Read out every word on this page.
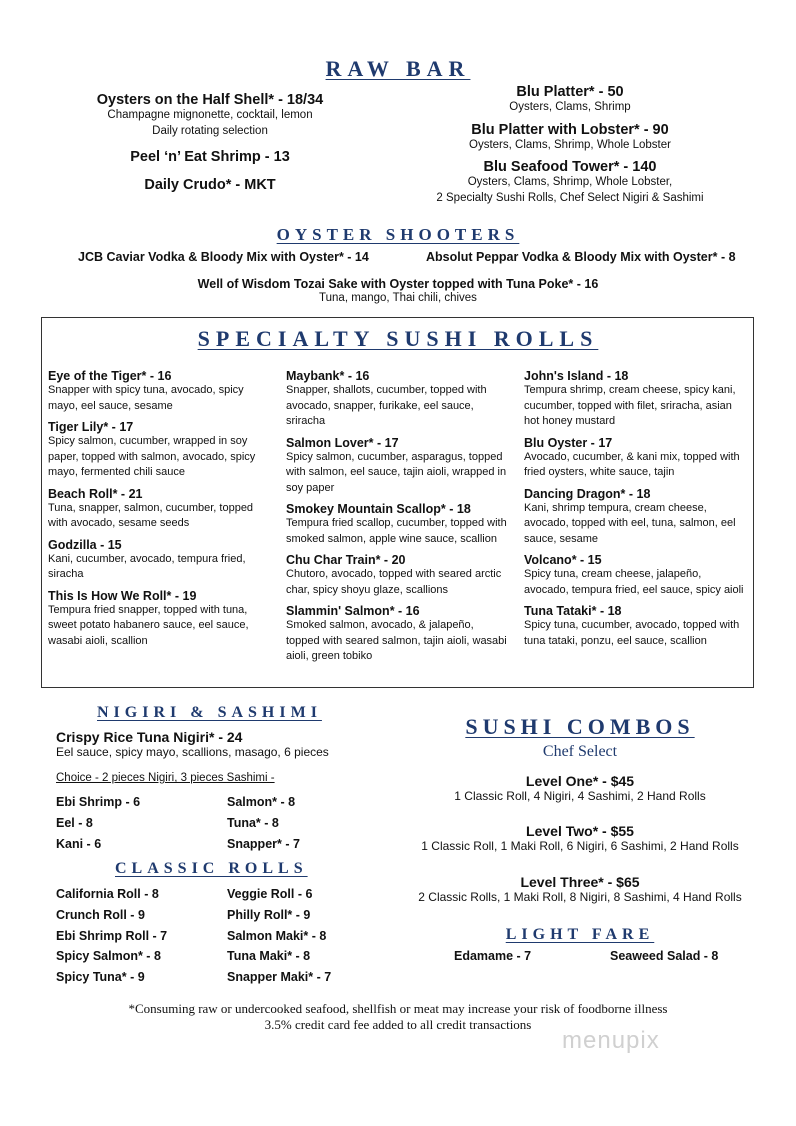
RAW BAR
Oysters on the Half Shell* - 18/34
Champagne mignonette, cocktail, lemon
Daily rotating selection
Peel ‘n’ Eat Shrimp - 13
Daily Crudo* - MKT
Blu Platter* - 50
Oysters, Clams, Shrimp
Blu Platter with Lobster* - 90
Oysters, Clams, Shrimp, Whole Lobster
Blu Seafood Tower* - 140
Oysters, Clams, Shrimp, Whole Lobster,
2 Specialty Sushi Rolls, Chef Select Nigiri & Sashimi
OYSTER SHOOTERS
JCB Caviar Vodka & Bloody Mix with Oyster* - 14	Absolut Peppar Vodka & Bloody Mix with Oyster* - 8
Well of Wisdom Tozai Sake with Oyster topped with Tuna Poke* - 16
Tuna, mango, Thai chili, chives
SPECIALTY SUSHI ROLLS
Eye of the Tiger* - 16
Snapper with spicy tuna, avocado, spicy
mayo, eel sauce, sesame
Tiger Lily* - 17
Spicy salmon, cucumber, wrapped in soy
paper, topped with salmon, avocado, spicy
mayo, fermented chili sauce
Beach Roll* - 21
Tuna, snapper, salmon, cucumber, topped
with avocado, sesame seeds
Godzilla - 15
Kani, cucumber, avocado, tempura fried,
siracha
This Is How We Roll* - 19
Tempura fried snapper, topped with tuna,
sweet potato habanero sauce, eel sauce,
wasabi aioli, scallion
Maybank* - 16
Snapper, shallots, cucumber, topped with
avocado, snapper, furikake, eel sauce,
sriracha
Salmon Lover* - 17
Spicy salmon, cucumber, asparagus, topped
with salmon, eel sauce, tajin aioli, wrapped in
soy paper
Smokey Mountain Scallop* - 18
Tempura fried scallop, cucumber, topped with
smoked salmon, apple wine sauce, scallion
Chu Char Train* - 20
Chutoro, avocado, topped with seared arctic
char, spicy shoyu glaze, scallions
Slammin' Salmon* - 16
Smoked salmon, avocado, & jalapeño,
topped with seared salmon, tajin aioli, wasabi
aioli, green tobiko
John's Island - 18
Tempura shrimp, cream cheese, spicy kani,
cucumber, topped with filet, sriracha, asian
hot honey mustard
Blu Oyster - 17
Avocado, cucumber, & kani mix, topped with
fried oysters, white sauce, tajin
Dancing Dragon* - 18
Kani, shrimp tempura, cream cheese,
avocado, topped with eel, tuna, salmon, eel
sauce, sesame
Volcano* - 15
Spicy tuna, cream cheese, jalapeño,
avocado, tempura fried, eel sauce, spicy aioli
Tuna Tataki* - 18
Spicy tuna, cucumber, avocado, topped with
tuna tataki, ponzu, eel sauce, scallion
NIGIRI & SASHIMI
Crispy Rice Tuna Nigiri* - 24
Eel sauce, spicy mayo, scallions, masago, 6 pieces
Choice - 2 pieces Nigiri, 3 pieces Sashimi -
Ebi Shrimp - 6
Eel - 8
Kani - 6
Salmon* - 8
Tuna* - 8
Snapper* - 7
CLASSIC ROLLS
California Roll - 8
Crunch Roll - 9
Ebi Shrimp Roll - 7
Spicy Salmon* - 8
Spicy Tuna* - 9
Veggie Roll - 6
Philly Roll* - 9
Salmon Maki* - 8
Tuna Maki* - 8
Snapper Maki* - 7
SUSHI COMBOS
Chef Select
Level One* - $45
1 Classic Roll, 4 Nigiri, 4 Sashimi, 2 Hand Rolls
Level Two* - $55
1 Classic Roll, 1 Maki Roll, 6 Nigiri, 6 Sashimi, 2 Hand Rolls
Level Three* - $65
2 Classic Rolls, 1 Maki Roll, 8 Nigiri, 8 Sashimi, 4 Hand Rolls
LIGHT FARE
Edamame - 7	Seaweed Salad - 8
*Consuming raw or undercooked seafood, shellfish or meat may increase your risk of foodborne illness
3.5% credit card fee added to all credit transactions
menupix
